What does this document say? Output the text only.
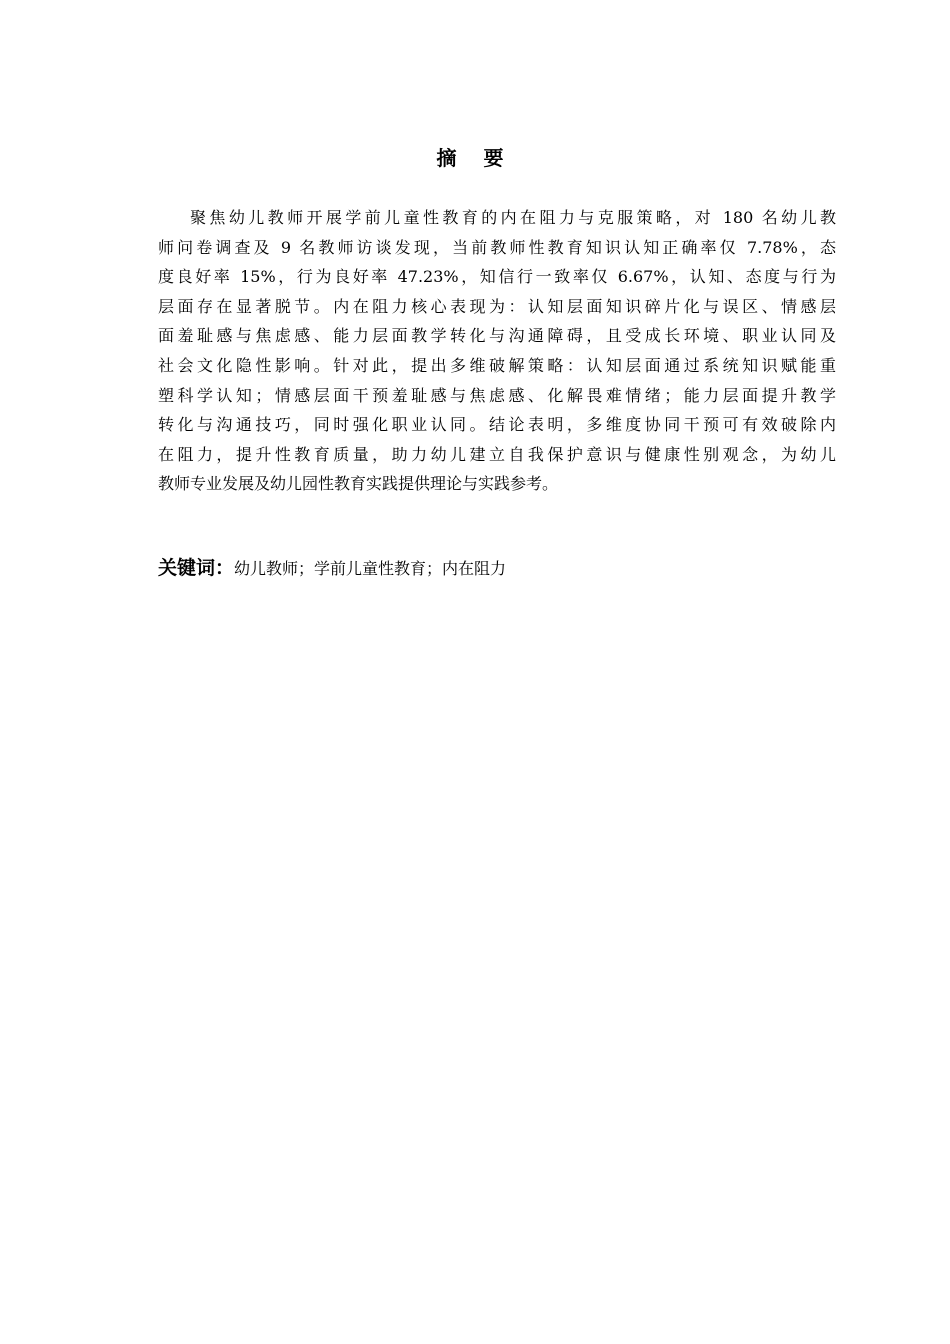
摘 要

聚焦幼儿教师开展学前儿童性教育的内在阻力与克服策略，对 180 名幼儿教
师问卷调查及 9 名教师访谈发现，当前教师性教育知识认知正确率仅 7.78%，态
度良好率 15%，行为良好率 47.23%，知信行一致率仅 6.67%，认知、态度与行为
层面存在显著脱节。内在阻力核心表现为：认知层面知识碎片化与误区、情感层
面羞耻感与焦虑感、能力层面教学转化与沟通障碍，且受成长环境、职业认同及
社会文化隐性影响。针对此，提出多维破解策略：认知层面通过系统知识赋能重
塑科学认知；情感层面干预羞耻感与焦虑感、化解畏难情绪；能力层面提升教学
转化与沟通技巧，同时强化职业认同。结论表明，多维度协同干预可有效破除内
在阻力，提升性教育质量，助力幼儿建立自我保护意识与健康性别观念，为幼儿
教师专业发展及幼儿园性教育实践提供理论与实践参考。

关键词：幼儿教师；学前儿童性教育；内在阻力
